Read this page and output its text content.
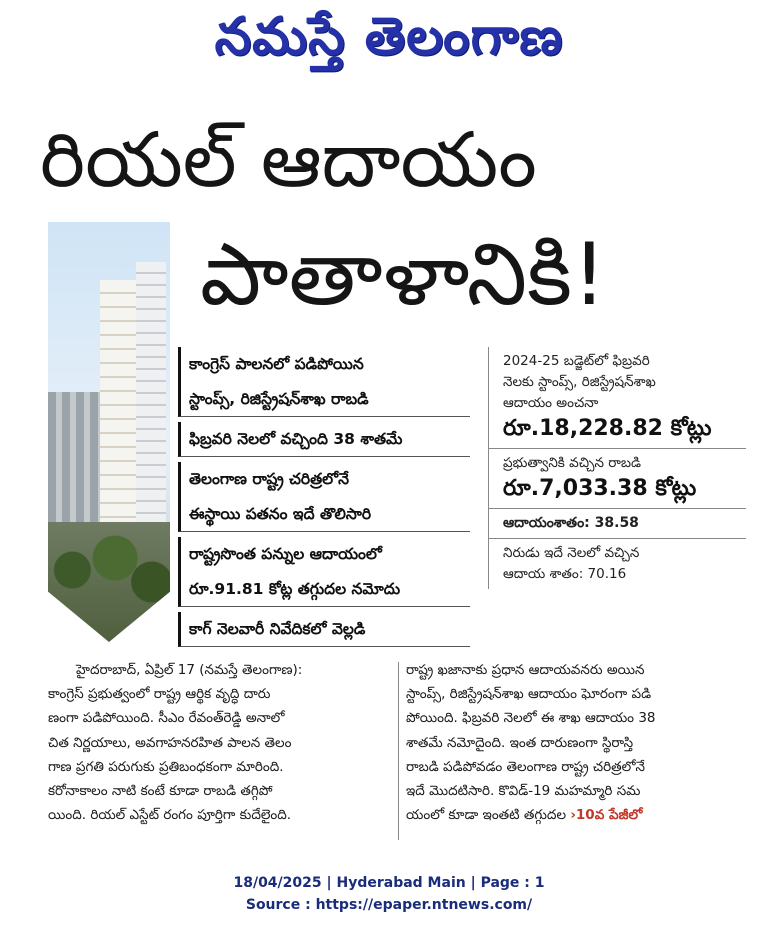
నమస్తే తెలంగాణ
రియల్ ఆదాయం
పాతాళానికి!
కాంగ్రెస్ పాలనలో పడిపోయిన
స్టాంప్స్, రిజిస్ట్రేషన్‌శాఖ రాబడి
ఫిబ్రవరి నెలలో వచ్చింది 38 శాతమే
తెలంగాణ రాష్ట్ర చరిత్రలోనే
ఈస్థాయి పతనం ఇదే తొలిసారి
రాష్ట్రసొంత పన్నుల ఆదాయంలో
రూ.91.81 కోట్ల తగ్గుదల నమోదు
కాగ్ నెలవారీ నివేదికలో వెల్లడి
2024-25 బడ్జెట్‌లో ఫిబ్రవరి
నెలకు స్టాంప్స్, రిజిస్ట్రేషన్‌శాఖ
ఆదాయం అంచనా
రూ.18,228.82 కోట్లు
ప్రభుత్వానికి వచ్చిన రాబడి
రూ.7,033.38 కోట్లు
ఆదాయంశాతం: 38.58
నిరుడు ఇదే నెలలో వచ్చిన
ఆదాయ శాతం: 70.16
హైదరాబాద్, ఏప్రిల్ 17 (నమస్తే తెలంగాణ):
కాంగ్రెస్ ప్రభుత్వంలో రాష్ట్ర ఆర్థిక వృద్ధి దారు
ణంగా పడిపోయింది. సీఎం రేవంత్‌రెడ్డి అనాలో
చిత నిర్ణయాలు, అవగాహనరహిత పాలన తెలం
గాణ ప్రగతి పరుగుకు ప్రతిబంధకంగా మారింది.
కరోనాకాలం నాటి కంటే కూడా రాబడి తగ్గిపో
యింది. రియల్ ఎస్టేట్ రంగం పూర్తిగా కుదేలైంది.
రాష్ట్ర ఖజానాకు ప్రధాన ఆదాయవనరు అయిన
స్టాంప్స్, రిజిస్ట్రేషన్‌శాఖ ఆదాయం ఘోరంగా పడి
పోయింది. ఫిబ్రవరి నెలలో ఈ శాఖ ఆదాయం 38
శాతమే నమోదైంది. ఇంత దారుణంగా స్థిరాస్తి
రాబడి పడిపోవడం తెలంగాణ రాష్ట్ర చరిత్రలోనే
ఇదే మొదటిసారి. కొవిడ్-19 మహమ్మారి సమ
యంలో కూడా ఇంతటి తగ్గుదల ›10వ పేజీలో
18/04/2025 | Hyderabad Main | Page : 1
Source : https://epaper.ntnews.com/
